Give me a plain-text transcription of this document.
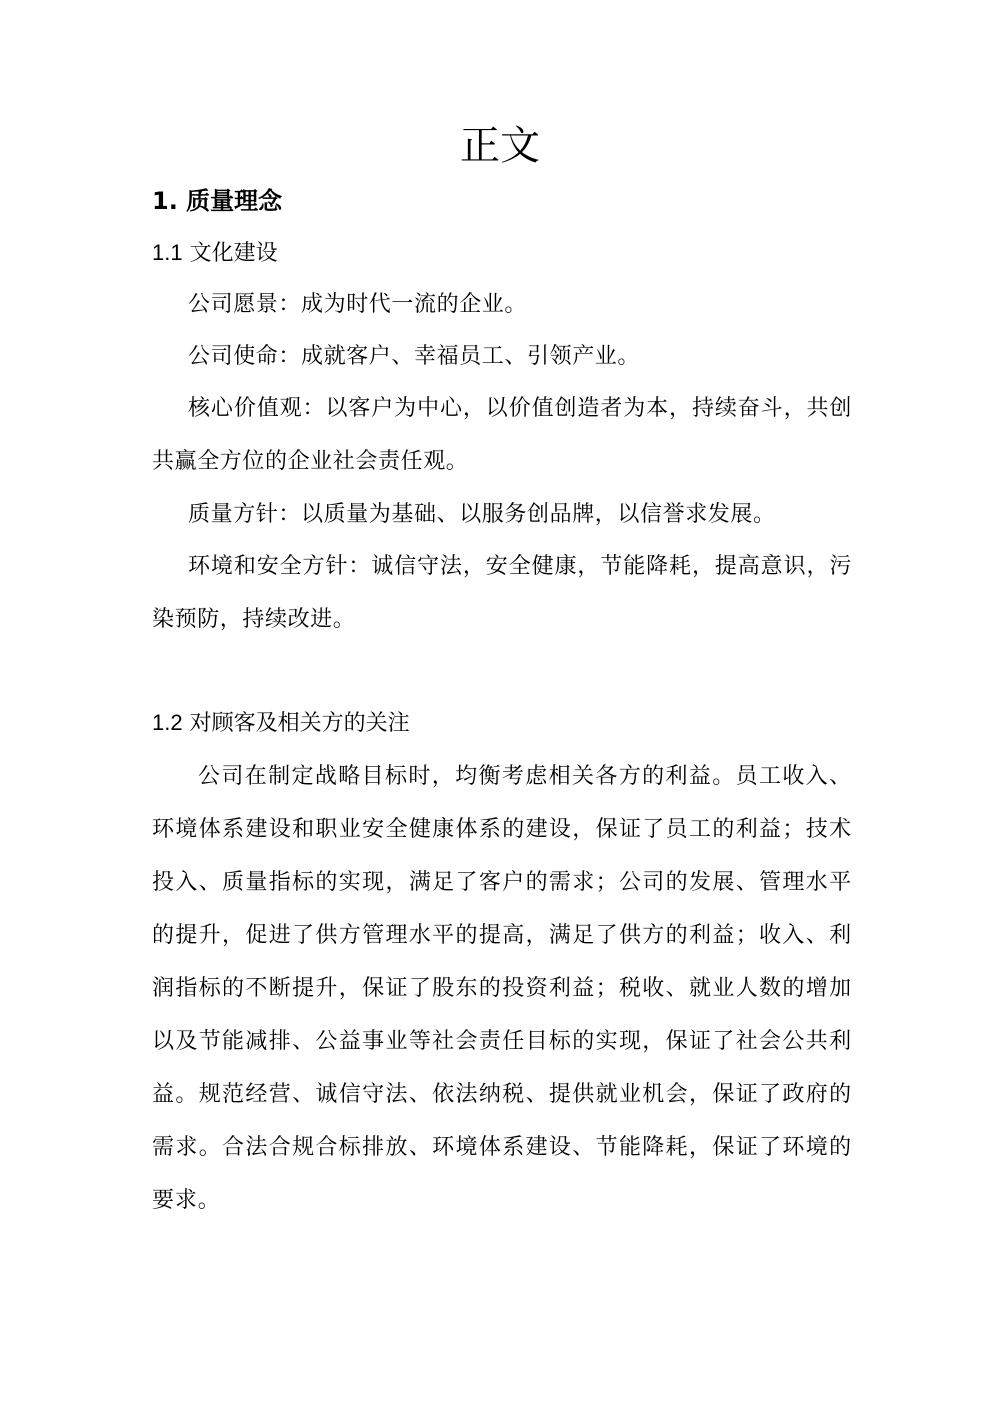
正文
1. 质量理念
1.1 文化建设

公司愿景：成为时代一流的企业。

公司使命：成就客户、幸福员工、引领产业。

核心价值观：以客户为中心，以价值创造者为本，持续奋斗，共创共赢全方位的企业社会责任观。

质量方针：以质量为基础、以服务创品牌，以信誉求发展。

环境和安全方针：诚信守法，安全健康，节能降耗，提高意识，污染预防，持续改进。

1.2 对顾客及相关方的关注

公司在制定战略目标时，均衡考虑相关各方的利益。员工收入、环境体系建设和职业安全健康体系的建设，保证了员工的利益；技术投入、质量指标的实现，满足了客户的需求；公司的发展、管理水平的提升，促进了供方管理水平的提高，满足了供方的利益；收入、利润指标的不断提升，保证了股东的投资利益；税收、就业人数的增加以及节能减排、公益事业等社会责任目标的实现，保证了社会公共利益。规范经营、诚信守法、依法纳税、提供就业机会，保证了政府的需求。合法合规合标排放、环境体系建设、节能降耗，保证了环境的要求。
